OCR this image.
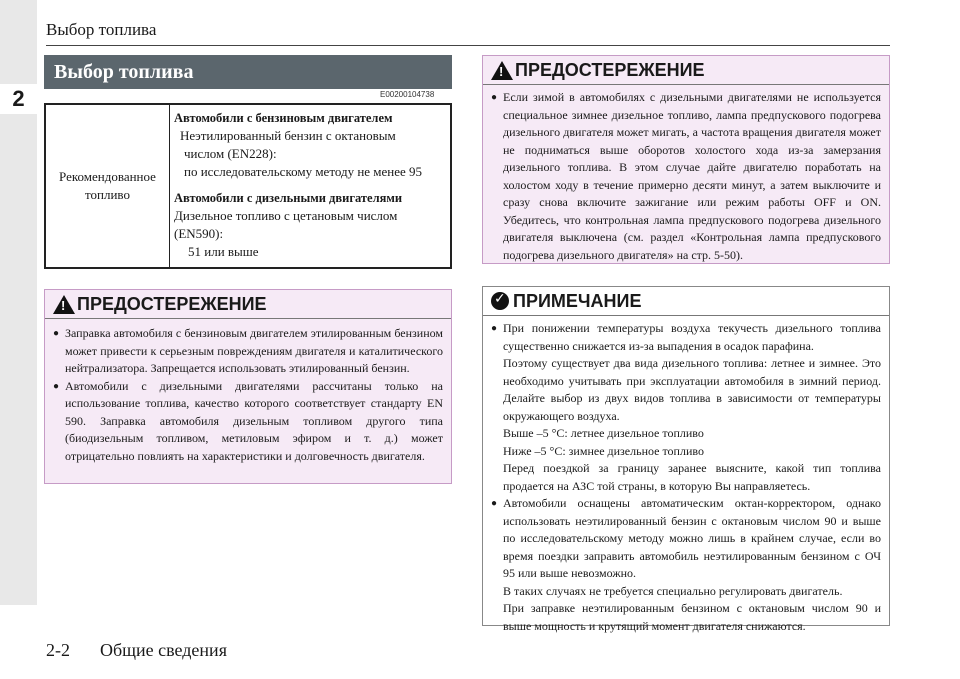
2
Выбор топлива
Выбор топлива
E00200104738
Рекомендованное топливо
Автомобили с бензиновым двигателем
Неэтилированный бензин с октановым
числом (EN228):
по исследовательскому методу не менее 95
Автомобили с дизельными двигателями
Дизельное топливо с цетановым числом
(EN590):
51 или выше
!
ПРЕДОСТЕРЕЖЕНИЕ
● Заправка автомобиля с бензиновым двигателем этилированным бензином может привести к серьезным повреждениям двигателя и каталитического нейтрализатора. Запрещается использовать этилированный бензин.
● Автомобили с дизельными двигателями рассчитаны только на использование топлива, качество которого соответствует стандарту EN 590. Заправка автомобиля дизельным топливом другого типа (биодизельным топливом, метиловым эфиром и т. д.) может отрицательно повлиять на характеристики и долговечность двигателя.
!
ПРЕДОСТЕРЕЖЕНИЕ
● Если зимой в автомобилях с дизельными двигателями не используется специальное зимнее дизельное топливо, лампа предпускового подогрева дизельного двигателя может мигать, а частота вращения двигателя может не подниматься выше оборотов холостого хода из-за замерзания дизельного топлива. В этом случае дайте двигателю поработать на холостом ходу в течение примерно десяти минут, а затем выключите и сразу снова включите зажигание или режим работы OFF и ON. Убедитесь, что контрольная лампа предпускового подогрева дизельного двигателя выключена (см. раздел «Контрольная лампа предпускового подогрева дизельного двигателя» на стр. 5-50).
✓
ПРИМЕЧАНИЕ
● При понижении температуры воздуха текучесть дизельного топлива существенно снижается из-за выпадения в осадок парафина.
Поэтому существует два вида дизельного топлива: летнее и зимнее. Это необходимо учитывать при эксплуатации автомобиля в зимний период. Делайте выбор из двух видов топлива в зависимости от температуры окружающего воздуха.
Выше –5 °C: летнее дизельное топливо
Ниже –5 °C: зимнее дизельное топливо
Перед поездкой за границу заранее выясните, какой тип топлива продается на АЗС той страны, в которую Вы направляетесь.
● Автомобили оснащены автоматическим октан-корректором, однако использовать неэтилированный бензин с октановым числом 90 и выше по исследовательскому методу можно лишь в крайнем случае, если во время поездки заправить автомобиль неэтилированным бензином с ОЧ 95 или выше невозможно.
В таких случаях не требуется специально регулировать двигатель.
При заправке неэтилированным бензином с октановым числом 90 и выше мощность и крутящий момент двигателя снижаются.
2-2 Общие сведения
